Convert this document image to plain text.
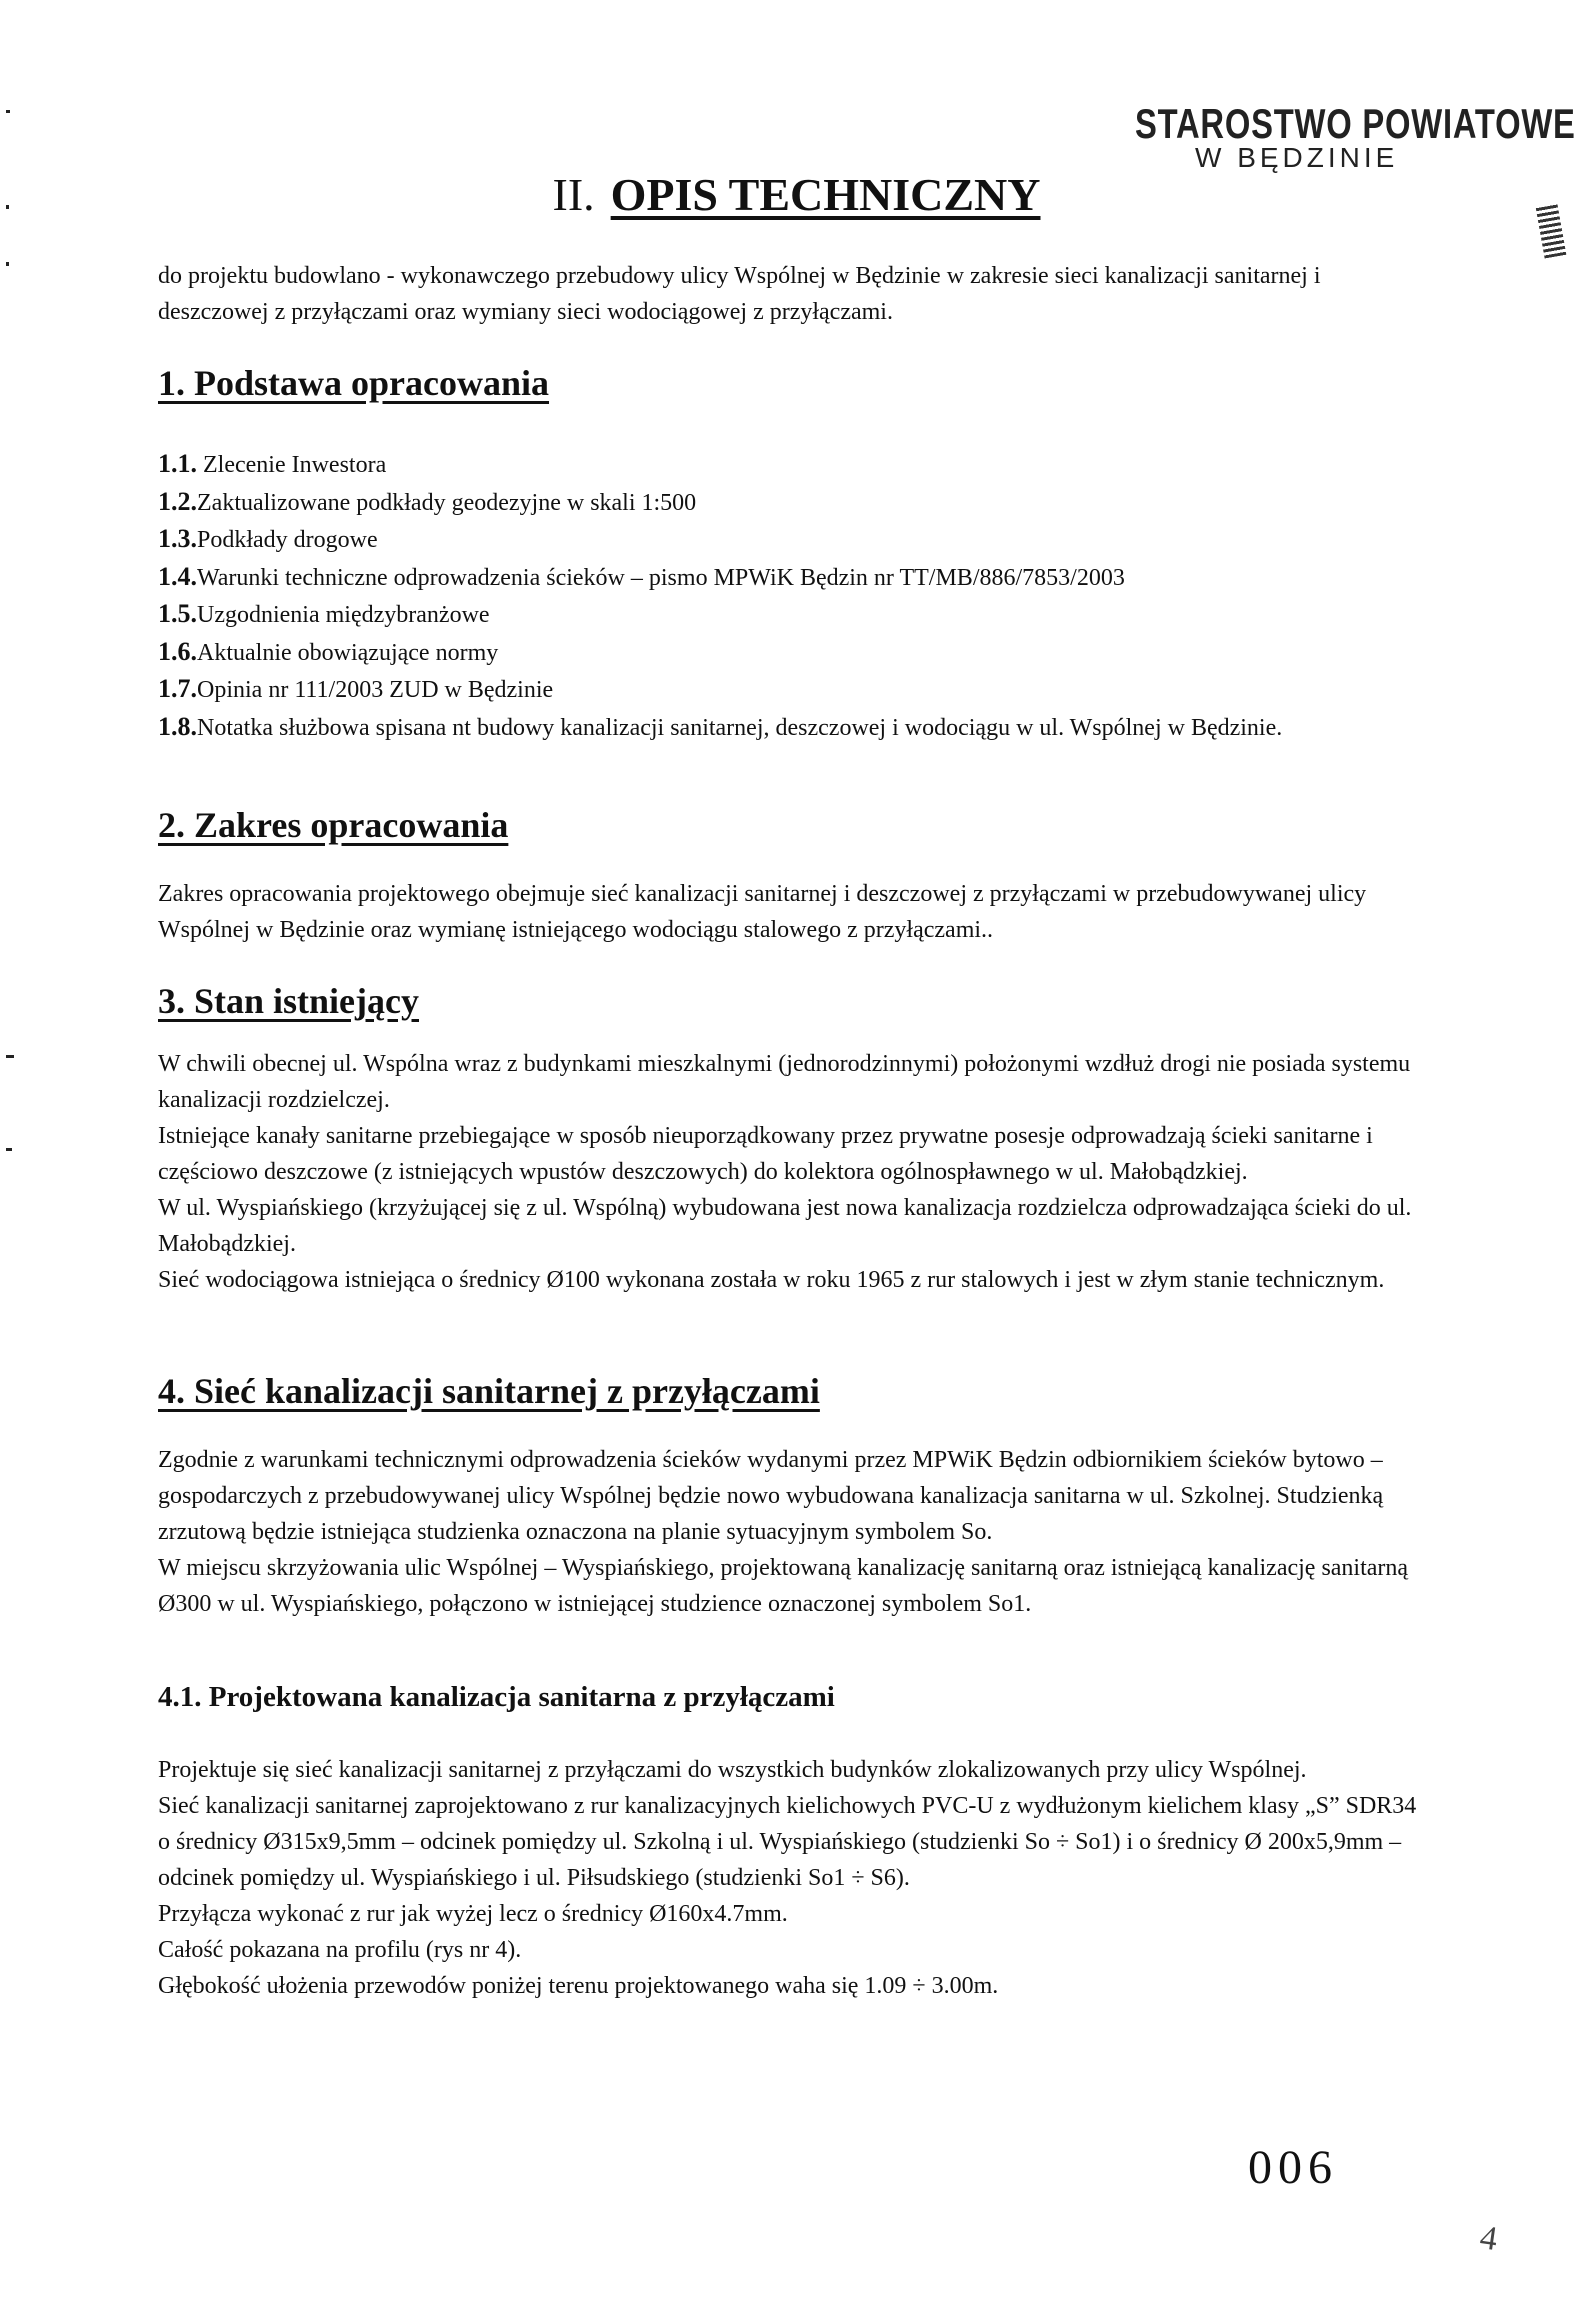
STAROSTWO POWIATOWE
W BĘDZINIE
II. OPIS TECHNICZNY

do projektu budowlano - wykonawczego przebudowy ulicy Wspólnej w Będzinie w zakresie sieci kanalizacji sanitarnej i deszczowej z przyłączami oraz wymiany sieci wodociągowej z przyłączami.

1. Podstawa opracowania
1.1. Zlecenie Inwestora
1.2.Zaktualizowane podkłady geodezyjne w skali 1:500
1.3.Podkłady drogowe
1.4.Warunki techniczne odprowadzenia ścieków – pismo MPWiK Będzin nr TT/MB/886/7853/2003
1.5.Uzgodnienia międzybranżowe
1.6.Aktualnie obowiązujące normy
1.7.Opinia nr 111/2003 ZUD w Będzinie
1.8.Notatka służbowa spisana nt budowy kanalizacji sanitarnej, deszczowej i wodociągu w ul. Wspólnej w Będzinie.
2. Zakres opracowania

Zakres opracowania projektowego obejmuje sieć kanalizacji sanitarnej i deszczowej z przyłączami w przebudowywanej ulicy Wspólnej w Będzinie oraz wymianę istniejącego wodociągu stalowego z przyłączami..

3. Stan istniejący

W chwili obecnej ul. Wspólna wraz z budynkami mieszkalnymi (jednorodzinnymi) położonymi wzdłuż drogi nie posiada systemu kanalizacji rozdzielczej.

Istniejące kanały sanitarne przebiegające w sposób nieuporządkowany przez prywatne posesje odprowadzają ścieki sanitarne i częściowo deszczowe (z istniejących wpustów deszczowych) do kolektora ogólnospławnego w ul. Małobądzkiej.

W ul. Wyspiańskiego (krzyżującej się z ul. Wspólną) wybudowana jest nowa kanalizacja rozdzielcza odprowadzająca ścieki do ul. Małobądzkiej.

Sieć wodociągowa istniejąca o średnicy Ø100 wykonana została w roku 1965 z rur stalowych i jest w złym stanie technicznym.

4. Sieć kanalizacji sanitarnej z przyłączami

Zgodnie z warunkami technicznymi odprowadzenia ścieków wydanymi przez MPWiK Będzin odbiornikiem ścieków bytowo – gospodarczych z przebudowywanej ulicy Wspólnej będzie nowo wybudowana kanalizacja sanitarna w ul. Szkolnej. Studzienką zrzutową będzie istniejąca studzienka oznaczona na planie sytuacyjnym symbolem So.

W miejscu skrzyżowania ulic Wspólnej – Wyspiańskiego, projektowaną kanalizację sanitarną oraz istniejącą kanalizację sanitarną Ø300 w ul. Wyspiańskiego, połączono w istniejącej studzience oznaczonej symbolem So1.

4.1. Projektowana kanalizacja sanitarna z przyłączami

Projektuje się sieć kanalizacji sanitarnej z przyłączami do wszystkich budynków zlokalizowanych przy ulicy Wspólnej.

Sieć kanalizacji sanitarnej zaprojektowano z rur kanalizacyjnych kielichowych PVC-U z wydłużonym kielichem klasy „S” SDR34 o średnicy Ø315x9,5mm – odcinek pomiędzy ul. Szkolną i ul. Wyspiańskiego (studzienki So ÷ So1) i o średnicy Ø 200x5,9mm – odcinek pomiędzy ul. Wyspiańskiego i ul. Piłsudskiego (studzienki So1 ÷ S6).

Przyłącza wykonać z rur jak wyżej lecz o średnicy Ø160x4.7mm.

Całość pokazana na profilu (rys nr 4).

Głębokość ułożenia przewodów poniżej terenu projektowanego waha się 1.09 ÷ 3.00m.

006
4
